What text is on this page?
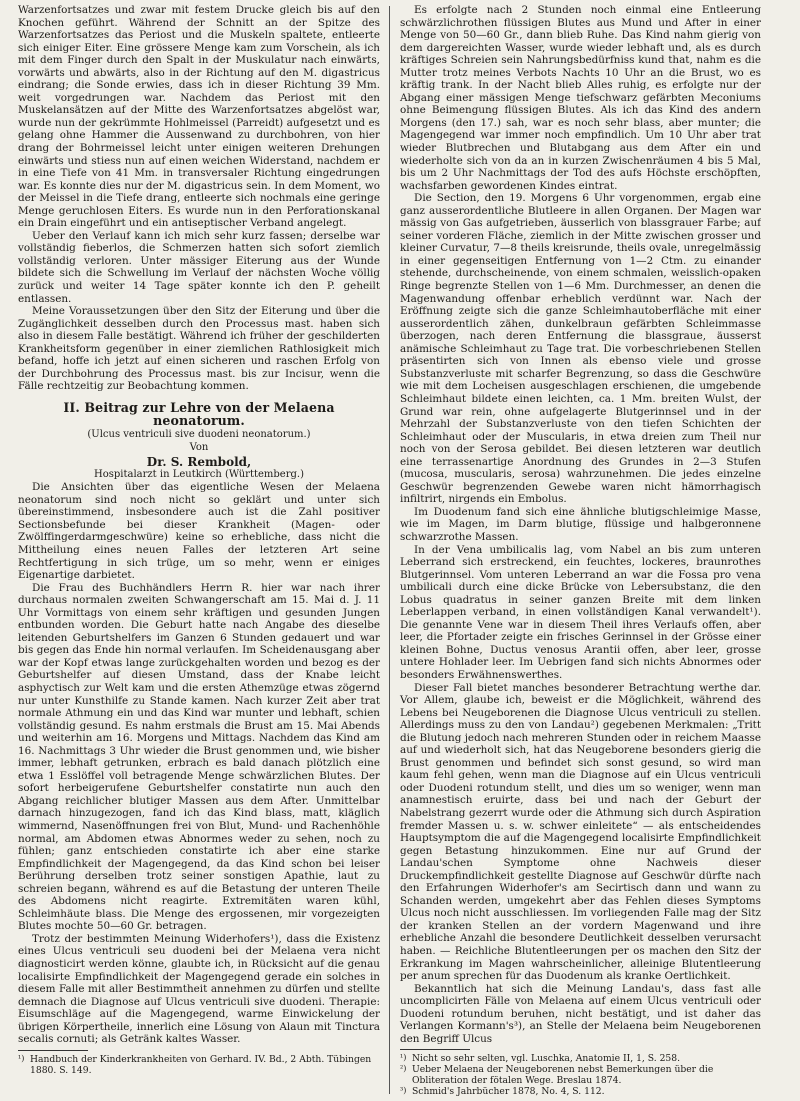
Warzenfortsatzes und zwar mit festem Drucke gleich bis auf den Knochen geführt. Während der Schnitt an der Spitze des Warzenfortsatzes das Periost und die Muskeln spaltete, entleerte sich einiger Eiter. Eine grössere Menge kam zum Vorschein, als ich mit dem Finger durch den Spalt in der Muskulatur nach einwärts, vorwärts und abwärts, also in der Richtung auf den M. digastricus eindrang; die Sonde erwies, dass ich in dieser Richtung 39 Mm. weit vorgedrungen war. Nachdem das Periost mit den Muskelansätzen auf der Mitte des Warzenfortsatzes abgelöst war, wurde nun der gekrümmte Hohlmeissel (Parreidt) aufgesetzt und es gelang ohne Hammer die Aussenwand zu durchbohren, von hier drang der Bohrmeissel leicht unter einigen weiteren Drehungen einwärts und stiess nun auf einen weichen Widerstand, nachdem er in eine Tiefe von 41 Mm. in transversaler Richtung eingedrungen war. Es konnte dies nur der M. digastricus sein. In dem Moment, wo der Meissel in die Tiefe drang, entleerte sich nochmals eine geringe Menge geruchlosen Eiters. Es wurde nun in den Perforationskanal ein Drain eingeführt und ein antiseptischer Verband angelegt.

Ueber den Verlauf kann ich mich sehr kurz fassen; derselbe war vollständig fieberlos, die Schmerzen hatten sich sofort ziemlich vollständig verloren. Unter mässiger Eiterung aus der Wunde bildete sich die Schwellung im Verlauf der nächsten Woche völlig zurück und weiter 14 Tage später konnte ich den P. geheilt entlassen.

Meine Voraussetzungen über den Sitz der Eiterung und über die Zugänglichkeit desselben durch den Processus mast. haben sich also in diesem Falle bestätigt. Während ich früher der geschilderten Krankheitsform gegenüber in einer ziemlichen Rathlosigkeit mich befand, hoffe ich jetzt auf einen sicheren und raschen Erfolg von der Durchbohrung des Processus mast. bis zur Incisur, wenn die Fälle rechtzeitig zur Beobachtung kommen.

II. Beitrag zur Lehre von der Melaena neonatorum.

(Ulcus ventriculi sive duodeni neonatorum.)

Von

Dr. S. Rembold,

Hospitalarzt in Leutkirch (Württemberg.)

Die Ansichten über das eigentliche Wesen der Melaena neonatorum sind noch nicht so geklärt und unter sich übereinstimmend, insbesondere auch ist die Zahl positiver Sectionsbefunde bei dieser Krankheit (Magen- oder Zwölffingerdarmgeschwüre) keine so erhebliche, dass nicht die Mittheilung eines neuen Falles der letzteren Art seine Rechtfertigung in sich trüge, um so mehr, wenn er einiges Eigenartige darbietet.

Die Frau des Buchhändlers Herrn R. hier war nach ihrer durchaus normalen zweiten Schwangerschaft am 15. Mai d. J. 11 Uhr Vormittags von einem sehr kräftigen und gesunden Jungen entbunden worden. Die Geburt hatte nach Angabe des dieselbe leitenden Geburtshelfers im Ganzen 6 Stunden gedauert und war bis gegen das Ende hin normal verlaufen. Im Scheidenausgang aber war der Kopf etwas lange zurückgehalten worden und bezog es der Geburtshelfer auf diesen Umstand, dass der Knabe leicht asphyctisch zur Welt kam und die ersten Athemzüge etwas zögernd nur unter Kunsthilfe zu Stande kamen. Nach kurzer Zeit aber trat normale Athmung ein und das Kind war munter und lebhaft, schien vollständig gesund. Es nahm erstmals die Brust am 15. Mai Abends und weiterhin am 16. Morgens und Mittags. Nachdem das Kind am 16. Nachmittags 3 Uhr wieder die Brust genommen und, wie bisher immer, lebhaft getrunken, erbrach es bald danach plötzlich eine etwa 1 Esslöffel voll betragende Menge schwärzlichen Blutes. Der sofort herbeigerufene Geburtshelfer constatirte nun auch den Abgang reichlicher blutiger Massen aus dem After. Unmittelbar darnach hinzugezogen, fand ich das Kind blass, matt, kläglich wimmernd, Nasenöffnungen frei von Blut, Mund- und Rachenhöhle normal, am Abdomen etwas Abnormes weder zu sehen, noch zu fühlen; ganz entschieden constatirte ich aber eine starke Empfindlichkeit der Magengegend, da das Kind schon bei leiser Berührung derselben trotz seiner sonstigen Apathie, laut zu schreien begann, während es auf die Betastung der unteren Theile des Abdomens nicht reagirte. Extremitäten waren kühl, Schleimhäute blass. Die Menge des ergossenen, mir vorgezeigten Blutes mochte 50—60 Gr. betragen.

Trotz der bestimmten Meinung Widerhofers¹), dass die Existenz eines Ulcus ventriculi seu duodeni bei der Melaena vera nicht diagnosticirt werden könne, glaubte ich, in Rücksicht auf die genau localisirte Empfindlichkeit der Magengegend gerade ein solches in diesem Falle mit aller Bestimmtheit annehmen zu dürfen und stellte demnach die Diagnose auf Ulcus ventriculi sive duodeni. Therapie: Eisumschläge auf die Magengegend, warme Einwickelung der übrigen Körpertheile, innerlich eine Lösung von Alaun mit Tinctura secalis cornuti; als Getränk kaltes Wasser.

¹) Handbuch der Kinderkrankheiten von Gerhard. IV. Bd., 2 Abth. Tübingen 1880. S. 149.

Es erfolgte nach 2 Stunden noch einmal eine Entleerung schwärzlichrothen flüssigen Blutes aus Mund und After in einer Menge von 50—60 Gr., dann blieb Ruhe. Das Kind nahm gierig von dem dargereichten Wasser, wurde wieder lebhaft und, als es durch kräftiges Schreien sein Nahrungsbedürfniss kund that, nahm es die Mutter trotz meines Verbots Nachts 10 Uhr an die Brust, wo es kräftig trank. In der Nacht blieb Alles ruhig, es erfolgte nur der Abgang einer mässigen Menge tiefschwarz gefärbten Meconiums ohne Beimengung flüssigen Blutes. Als ich das Kind des andern Morgens (den 17.) sah, war es noch sehr blass, aber munter; die Magengegend war immer noch empfindlich. Um 10 Uhr aber trat wieder Blutbrechen und Blutabgang aus dem After ein und wiederholte sich von da an in kurzen Zwischenräumen 4 bis 5 Mal, bis um 2 Uhr Nachmittags der Tod des aufs Höchste erschöpften, wachsfarben gewordenen Kindes eintrat.

Die Section, den 19. Morgens 6 Uhr vorgenommen, ergab eine ganz ausserordentliche Blutleere in allen Organen. Der Magen war mässig von Gas aufgetrieben, äusserlich von blassgrauer Farbe; auf seiner vorderen Fläche, ziemlich in der Mitte zwischen grosser und kleiner Curvatur, 7—8 theils kreisrunde, theils ovale, unregelmässig in einer gegenseitigen Entfernung von 1—2 Ctm. zu einander stehende, durchscheinende, von einem schmalen, weisslich-opaken Ringe begrenzte Stellen von 1—6 Mm. Durchmesser, an denen die Magenwandung offenbar erheblich verdünnt war. Nach der Eröffnung zeigte sich die ganze Schleimhautoberfläche mit einer ausserordentlich zähen, dunkelbraun gefärbten Schleimmasse überzogen, nach deren Entfernung die blassgraue, äusserst anämische Schleimhaut zu Tage trat. Die vorbeschriebenen Stellen präsentirten sich von Innen als ebenso viele und grosse Substanzverluste mit scharfer Begrenzung, so dass die Geschwüre wie mit dem Locheisen ausgeschlagen erschienen, die umgebende Schleimhaut bildete einen leichten, ca. 1 Mm. breiten Wulst, der Grund war rein, ohne aufgelagerte Blutgerinnsel und in der Mehrzahl der Substanzverluste von den tiefen Schichten der Schleimhaut oder der Muscularis, in etwa dreien zum Theil nur noch von der Serosa gebildet. Bei diesen letzteren war deutlich eine terrassenartige Anordnung des Grundes in 2—3 Stufen (mucosa, muscularis, serosa) wahrzunehmen. Die jedes einzelne Geschwür begrenzenden Gewebe waren nicht hämorrhagisch infiltrirt, nirgends ein Embolus.

Im Duodenum fand sich eine ähnliche blutigschleimige Masse, wie im Magen, im Darm blutige, flüssige und halbgeronnene schwarzrothe Massen.

In der Vena umbilicalis lag, vom Nabel an bis zum unteren Leberrand sich erstreckend, ein feuchtes, lockeres, braunrothes Blutgerinnsel. Vom unteren Leberrand an war die Fossa pro vena umbilicali durch eine dicke Brücke von Lebersubstanz, die den Lobus quadratus in seiner ganzen Breite mit dem linken Leberlappen verband, in einen vollständigen Kanal verwandelt¹). Die genannte Vene war in diesem Theil ihres Verlaufs offen, aber leer, die Pfortader zeigte ein frisches Gerinnsel in der Grösse einer kleinen Bohne, Ductus venosus Arantii offen, aber leer, grosse untere Hohlader leer. Im Uebrigen fand sich nichts Abnormes oder besonders Erwähnenswerthes.

Dieser Fall bietet manches besonderer Betrachtung werthe dar. Vor Allem, glaube ich, beweist er die Möglichkeit, während des Lebens bei Neugeborenen die Diagnose Ulcus ventriculi zu stellen. Allerdings muss zu den von Landau²) gegebenen Merkmalen: „Tritt die Blutung jedoch nach mehreren Stunden oder in reichem Maasse auf und wiederholt sich, hat das Neugeborene besonders gierig die Brust genommen und befindet sich sonst gesund, so wird man kaum fehl gehen, wenn man die Diagnose auf ein Ulcus ventriculi oder Duodeni rotundum stellt, und dies um so weniger, wenn man anamnestisch eruirte, dass bei und nach der Geburt der Nabelstrang gezerrt wurde oder die Athmung sich durch Aspiration fremder Massen u. s. w. schwer einleitete“ — als entscheidendes Hauptsymptom die auf die Magengegend localisirte Empfindlichkeit gegen Betastung hinzukommen. Eine nur auf Grund der Landau'schen Symptome ohne Nachweis dieser Druckempfindlichkeit gestellte Diagnose auf Geschwür dürfte nach den Erfahrungen Widerhofer's am Secirtisch dann und wann zu Schanden werden, umgekehrt aber das Fehlen dieses Symptoms Ulcus noch nicht ausschliessen. Im vorliegenden Falle mag der Sitz der kranken Stellen an der vordern Magenwand und ihre erhebliche Anzahl die besondere Deutlichkeit desselben verursacht haben. — Reichliche Blutentleerungen per os machen den Sitz der Erkrankung im Magen wahrscheinlicher, alleinige Blutentleerung per anum sprechen für das Duodenum als kranke Oertlichkeit.

Bekanntlich hat sich die Meinung Landau's, dass fast alle uncomplicirten Fälle von Melaena auf einem Ulcus ventriculi oder Duodeni rotundum beruhen, nicht bestätigt, und ist daher das Verlangen Kormann's³), an Stelle der Melaena beim Neugeborenen den Begriff Ulcus

¹) Nicht so sehr selten, vgl. Luschka, Anatomie II, 1, S. 258.
²) Ueber Melaena der Neugeborenen nebst Bemerkungen über die Obliteration der fötalen Wege. Breslau 1874.
³) Schmid's Jahrbücher 1878, No. 4, S. 112.
